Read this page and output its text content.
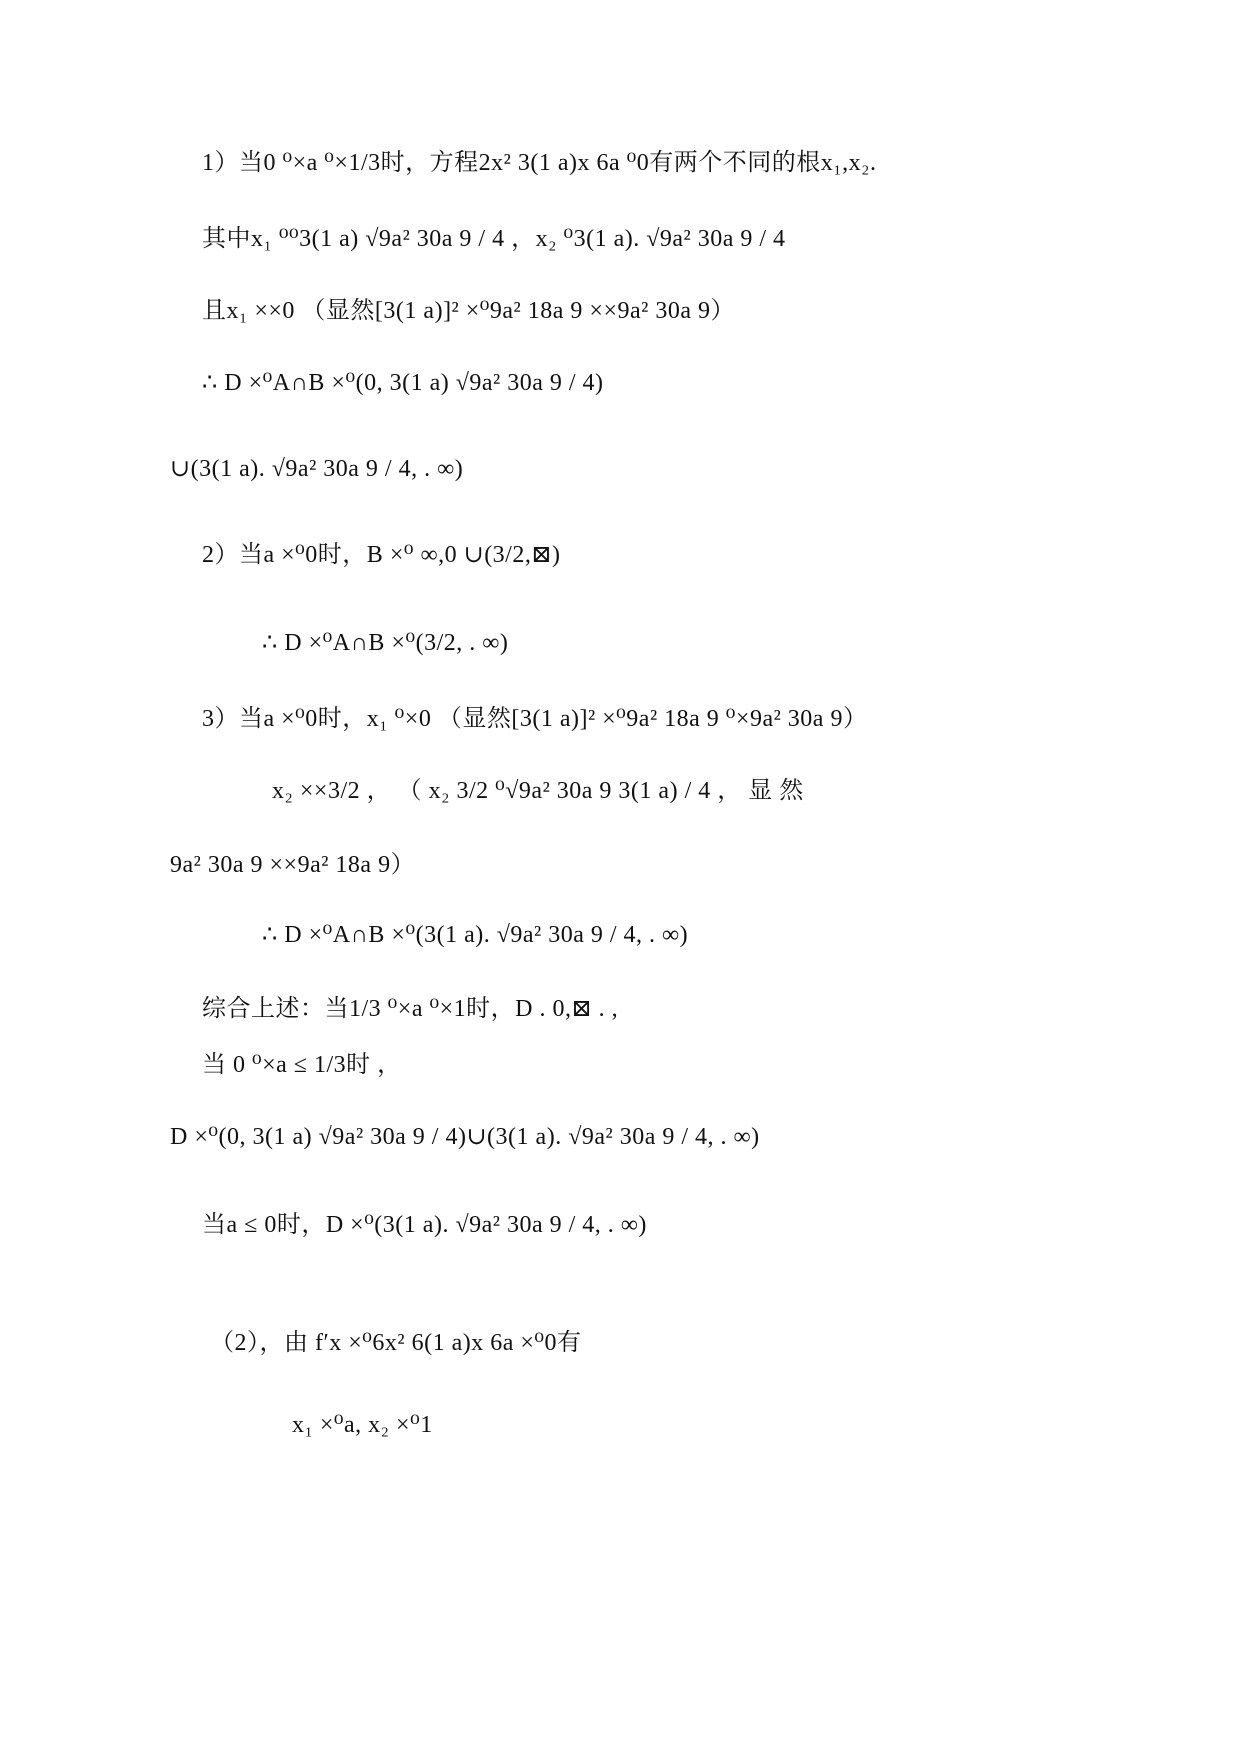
1）当0 ⁰×a ⁰×1/3时，方程2x² 3(1 a)x 6a ⁰0有两个不同的根x₁,x₂.
其中x₁ ⁰⁰3(1 a) √9a² 30a 9 / 4 ，x₂ ⁰3(1 a). √9a² 30a 9 / 4
且x₁ ××0 （显然[3(1 a)]² ×⁰9a² 18a 9 ××9a² 30a 9）
∴ D ×⁰A∩B ×⁰(0, 3(1 a) √9a² 30a 9 / 4)
∪(3(1 a). √9a² 30a 9 / 4, . ∞)
2）当a ×⁰0时，B ×⁰ ∞,0 ∪(3/2,⊠)
∴ D ×⁰A∩B ×⁰(3/2, . ∞)
3）当a ×⁰0时，x₁ ⁰×0 （显然[3(1 a)]² ×⁰9a² 18a 9 ⁰×9a² 30a 9）
x₂ ××3/2 ， （ x₂ 3/2 ⁰√9a² 30a 9 3(1 a) / 4 ， 显 然
9a² 30a 9 ××9a² 18a 9）
∴ D ×⁰A∩B ×⁰(3(1 a). √9a² 30a 9 / 4, . ∞)
综合上述：当1/3 ⁰×a ⁰×1时，D . 0,⊠ . ,
当 0 ⁰×a ≤ 1/3时 ，
D ×⁰(0, 3(1 a) √9a² 30a 9 / 4)∪(3(1 a). √9a² 30a 9 / 4, . ∞)
当a ≤ 0时，D ×⁰(3(1 a). √9a² 30a 9 / 4, . ∞)
（2），由 f′x ×⁰6x² 6(1 a)x 6a ×⁰0有
x₁ ×⁰a, x₂ ×⁰1
